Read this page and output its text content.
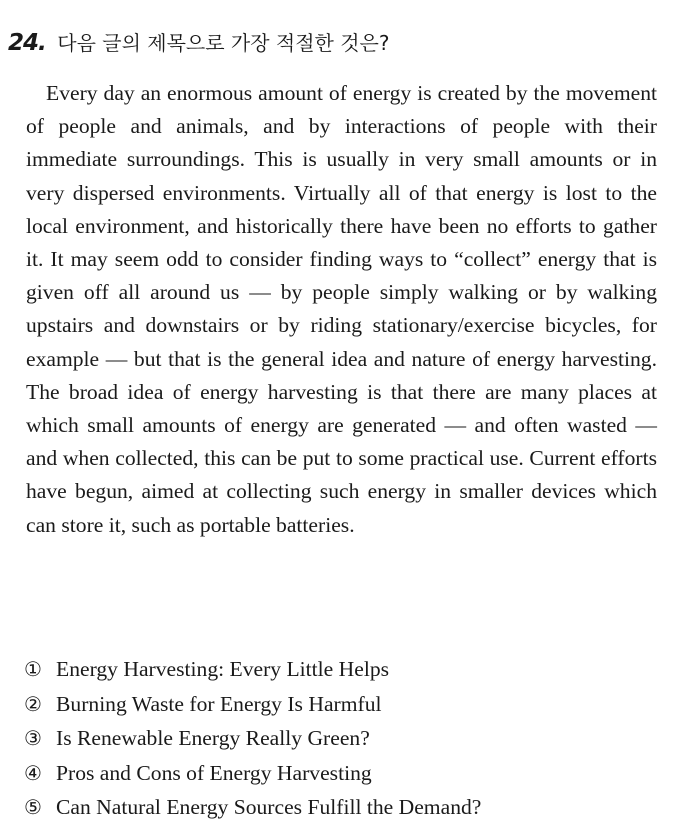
24. 다음 글의 제목으로 가장 적절한 것은?

Every day an enormous amount of energy is created by the movement of people and animals, and by interactions of people with their immediate surroundings. This is usually in very small amounts or in very dispersed environments. Virtually all of that energy is lost to the local environment, and historically there have been no efforts to gather it. It may seem odd to consider finding ways to “collect” energy that is given off all around us — by people simply walking or by walking upstairs and downstairs or by riding stationary/exercise bicycles, for example — but that is the general idea and nature of energy harvesting. The broad idea of energy harvesting is that there are many places at which small amounts of energy are generated — and often wasted — and when collected, this can be put to some practical use. Current efforts have begun, aimed at collecting such energy in smaller devices which can store it, such as portable batteries.

① Energy Harvesting: Every Little Helps
② Burning Waste for Energy Is Harmful
③ Is Renewable Energy Really Green?
④ Pros and Cons of Energy Harvesting
⑤ Can Natural Energy Sources Fulfill the Demand?
